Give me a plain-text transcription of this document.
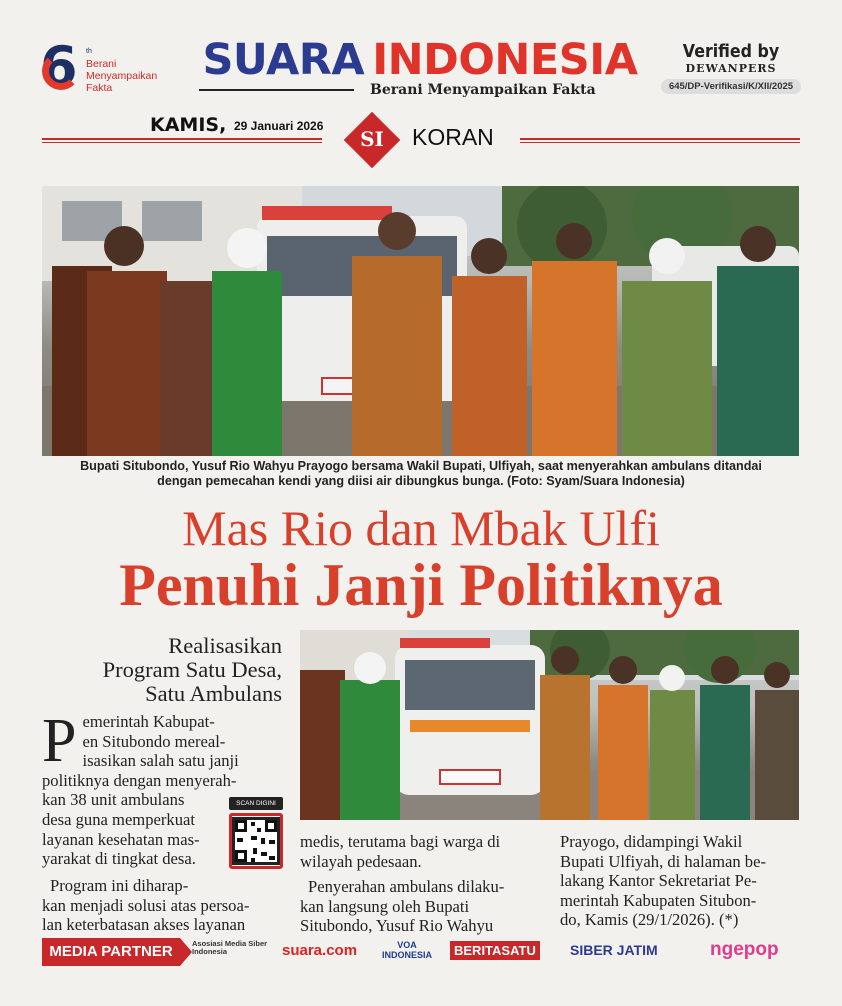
6 th
Berani
Menyampaikan
Fakta
SUARA INDONESIA
Berani Menyampaikan Fakta
Verified by
DEWANPERS
645/DP-Verifikasi/K/XII/2025
KAMIS, 29 Januari 2026
SI	KORAN
Bupati Situbondo, Yusuf Rio Wahyu Prayogo bersama Wakil Bupati, Ulfiyah, saat menyerahkan ambulans ditandai dengan pemecahan kendi yang diisi air dibungkus bunga. (Foto: Syam/Suara Indonesia)
Mas Rio dan Mbak Ulfi
Penuhi Janji Politiknya
Realisasikan
Program Satu Desa,
Satu Ambulans
P emerintah Kabupat-
en Situbondo mereal-
isasikan salah satu janji
politiknya dengan menyerah-
kan 38 unit ambulans
desa guna memperkuat
layanan kesehatan mas-
yarakat di tingkat desa.
SCAN DIGINI
Program ini diharap-
kan menjadi solusi atas persoa-
lan keterbatasan akses layanan
medis, terutama bagi warga di
wilayah pedesaan.
Penyerahan ambulans dilaku-
kan langsung oleh Bupati
Situbondo, Yusuf Rio Wahyu
Prayogo, didampingi Wakil
Bupati Ulfiyah, di halaman be-
lakang Kantor Sekretariat Pe-
merintah Kabupaten Situbon-
do, Kamis (29/1/2026). (*)
MEDIA PARTNER	Asosiasi Media Siber Indonesia	suara.com	VOA INDONESIA	BERITASATU SIBER JATIM	ngepop
